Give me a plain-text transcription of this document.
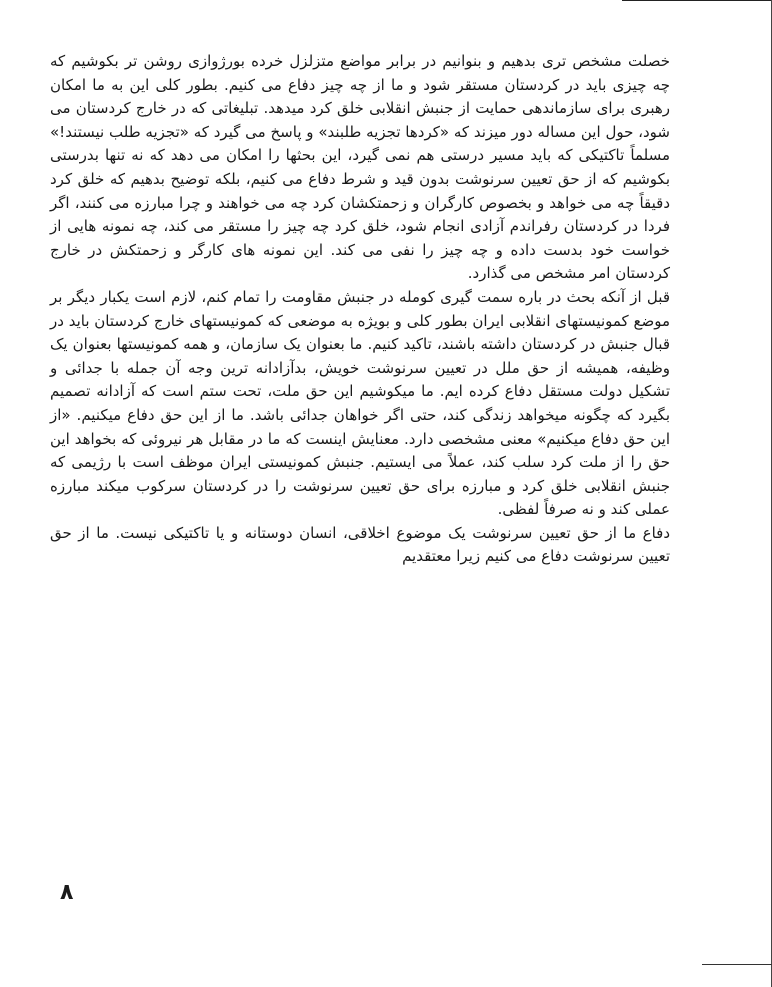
خصلت مشخص تری بدهیم و بنوانیم در برابر مواضع متزلزل خرده بورژوازی روشن تر بکوشیم که چه چیزی باید در کردستان مستقر شود و ما از چه چیز دفاع می کنیم. بطور کلی این به ما امکان رهبری برای سازماندهی حمایت از جنبش انقلابی خلق کرد میدهد. تبلیغاتی که در خارج کردستان می شود، حول این مساله دور میزند که «کردها تجزیه طلبند» و پاسخ می گیرد که «تجزیه طلب نیستند!» مسلماً تاکتیکی که باید مسیر درستی هم نمی گیرد، این بحثها را امکان می دهد که نه تنها بدرستی بکوشیم که از حق تعیین سرنوشت بدون قید و شرط دفاع می کنیم، بلکه توضیح بدهیم که خلق کرد دقیقاً چه می خواهد و بخصوص کارگران و زحمتکشان کرد چه می خواهند و چرا مبارزه می کنند، اگر فردا در کردستان رفراندم آزادی انجام شود، خلق کرد چه چیز را مستقر می کند، چه نمونه هایی از خواست خود بدست داده و چه چیز را نفی می کند. این نمونه های کارگر و زحمتکش در خارج کردستان امر مشخص می گذارد.

قبل از آنکه بحث در باره سمت گیری کومله در جنبش مقاومت را تمام کنم، لازم است یکبار دیگر بر موضع کمونیستهای انقلابی ایران بطور کلی و بویژه به موضعی که کمونیستهای خارج کردستان باید در قبال جنبش در کردستان داشته باشند، تاکید کنیم. ما بعنوان یک سازمان، و همه کمونیستها بعنوان یک وظیفه، همیشه از حق ملل در تعیین سرنوشت خویش، بدآزادانه ترین وجه آن جمله با جدائی و تشکیل دولت مستقل دفاع کرده ایم. ما میکوشیم این حق ملت، تحت ستم است که آزادانه تصمیم بگیرد که چگونه میخواهد زندگی کند، حتی اگر خواهان جدائی باشد. ما از این حق دفاع میکنیم. «از این حق دفاع میکنیم» معنی مشخصی دارد. معنایش اینست که ما در مقابل هر نیروئی که بخواهد این حق را از ملت کرد سلب کند، عملاً می ایستیم. جنبش کمونیستی ایران موظف است با رژیمی که جنبش انقلابی خلق کرد و مبارزه برای حق تعیین سرنوشت را در کردستان سرکوب میکند مبارزه عملی کند و نه صرفاً لفظی.

دفاع ما از حق تعیین سرنوشت یک موضوع اخلاقی، انسان دوستانه و یا تاکتیکی نیست. ما از حق تعیین سرنوشت دفاع می کنیم زیرا معتقدیم

۸
